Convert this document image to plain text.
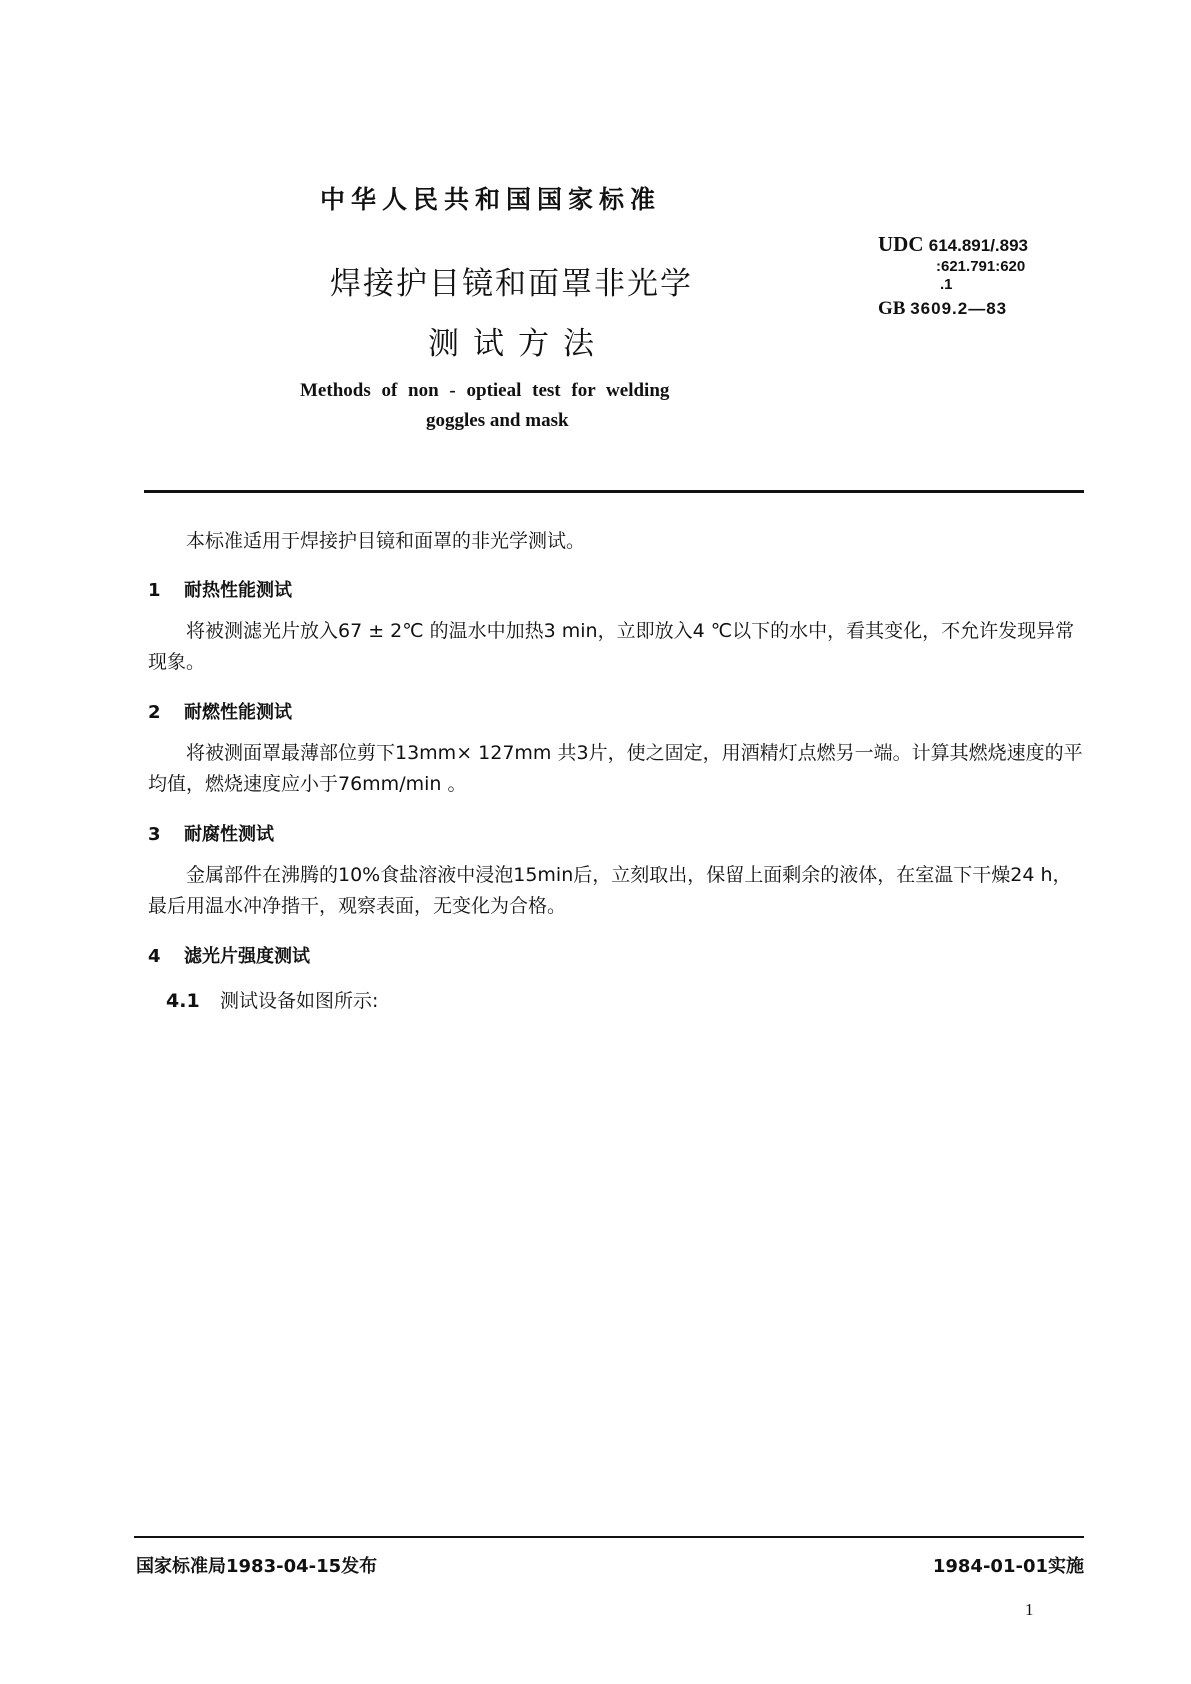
中华人民共和国国家标准
焊接护目镜和面罩非光学
测试方法
Methods of non - optieal test for welding
goggles and mask
UDC 614.891/.893
:621.791:620
.1
GB 3609.2—83
本标准适用于焊接护目镜和面罩的非光学测试。
1 耐热性能测试
将被测滤光片放入67 ± 2℃ 的温水中加热3 min，立即放入4 ℃以下的水中，看其变化，不允许发现异常现象。
2 耐燃性能测试
将被测面罩最薄部位剪下13mm× 127mm 共3片，使之固定，用酒精灯点燃另一端。计算其燃烧速度的平均值，燃烧速度应小于76mm/min 。
3 耐腐性测试
金属部件在沸腾的10%食盐溶液中浸泡15min后，立刻取出，保留上面剩余的液体，在室温下干燥24 h，最后用温水冲净揩干，观察表面，无变化为合格。
4 滤光片强度测试
4.1 测试设备如图所示:
国家标准局1983-04-15发布	1984-01-01实施
1
